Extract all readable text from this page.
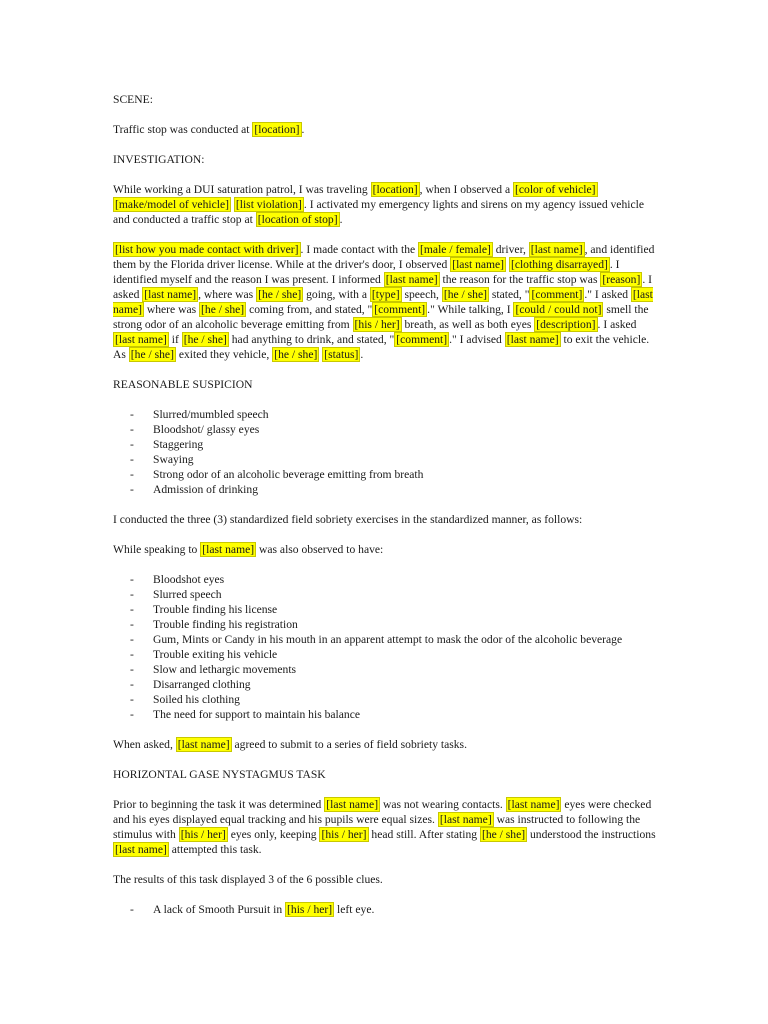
SCENE:

Traffic stop was conducted at [location] .

INVESTIGATION:

While working a DUI saturation patrol, I was traveling [location] , when I observed a [color of vehicle] [make/model of vehicle] [list violation] . I activated my emergency lights and sirens on my agency issued vehicle and conducted a traffic stop at [location of stop] .

[list how you made contact with driver] . I made contact with the [male / female] driver, [last name] , and identified them by the Florida driver license. While at the driver's door, I observed [last name] [clothing disarrayed] . I identified myself and the reason I was present. I informed [last name] the reason for the traffic stop was [reason] . I asked [last name] , where was [he / she] going, with a [type] speech, [he / she] stated, " [comment] ." I asked [last name] where was [he / she] coming from, and stated, " [comment] ." While talking, I [could / could not] smell the strong odor of an alcoholic beverage emitting from [his / her] breath, as well as both eyes [description] . I asked [last name] if [he / she] had anything to drink, and stated, " [comment] ." I advised [last name] to exit the vehicle. As [he / she] exited they vehicle, [he / she] [status] .

REASONABLE SUSPICION

- Slurred/mumbled speech
- Bloodshot/ glassy eyes
- Staggering
- Swaying
- Strong odor of an alcoholic beverage emitting from breath
- Admission of drinking

I conducted the three (3) standardized field sobriety exercises in the standardized manner, as follows:

While speaking to [last name] was also observed to have:

- Bloodshot eyes
- Slurred speech
- Trouble finding his license
- Trouble finding his registration
- Gum, Mints or Candy in his mouth in an apparent attempt to mask the odor of the alcoholic beverage
- Trouble exiting his vehicle
- Slow and lethargic movements
- Disarranged clothing
- Soiled his clothing
- The need for support to maintain his balance

When asked, [last name] agreed to submit to a series of field sobriety tasks.

HORIZONTAL GASE NYSTAGMUS TASK

Prior to beginning the task it was determined [last name] was not wearing contacts. [last name] eyes were checked and his eyes displayed equal tracking and his pupils were equal sizes. [last name] was instructed to following the stimulus with [his / her] eyes only, keeping [his / her] head still. After stating [he / she] understood the instructions [last name] attempted this task.

The results of this task displayed 3 of the 6 possible clues.

- A lack of Smooth Pursuit in [his / her] left eye.
